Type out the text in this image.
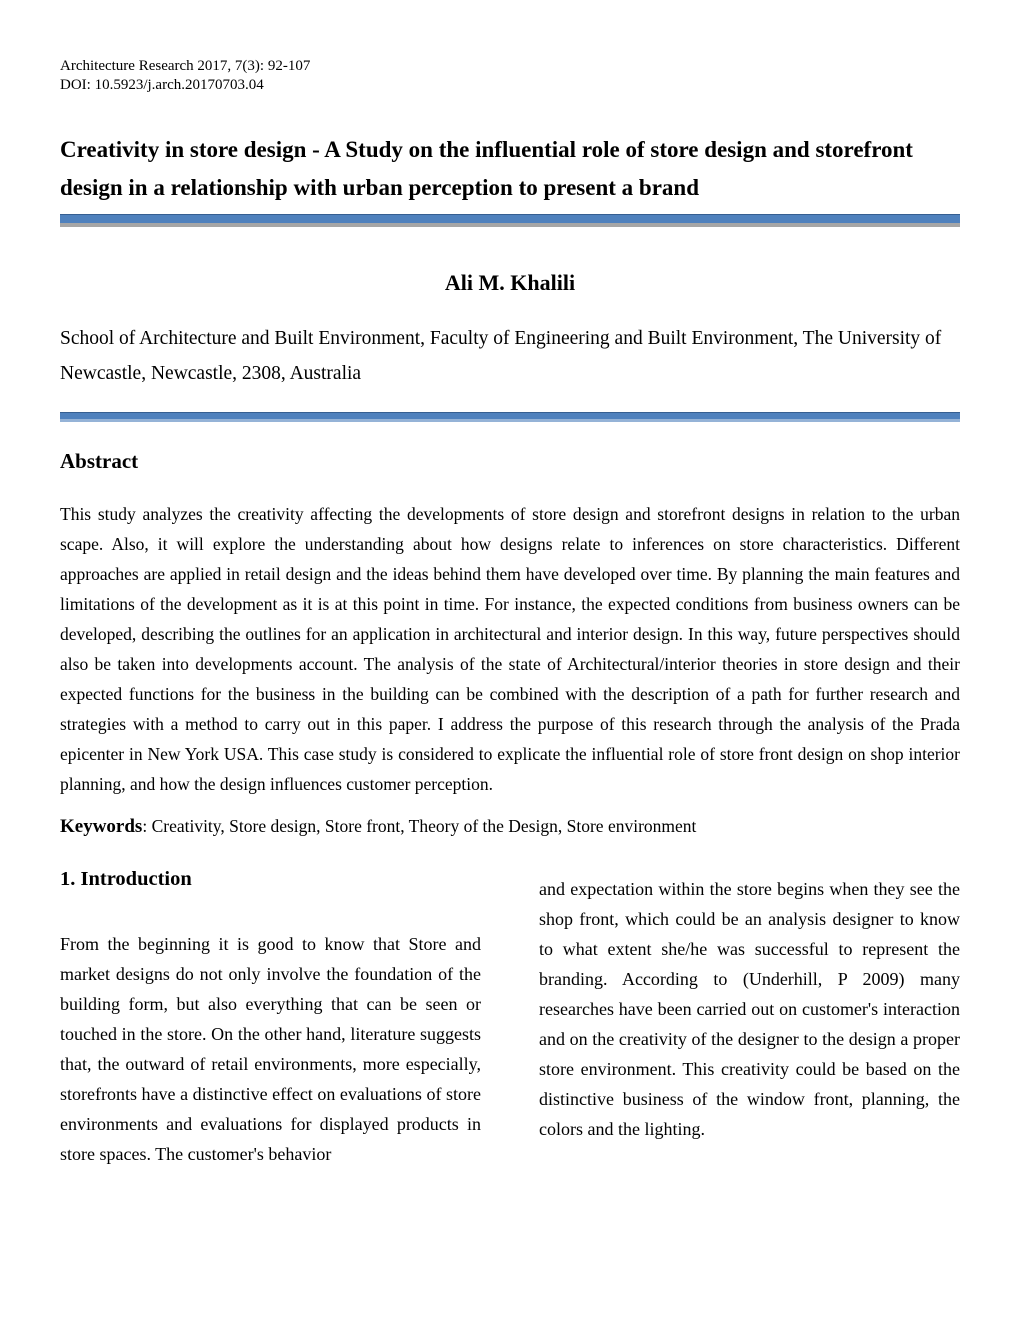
Architecture Research 2017, 7(3): 92-107
DOI: 10.5923/j.arch.20170703.04
Creativity in store design - A Study on the influential role of store design and storefront design in a relationship with urban perception to present a brand
Ali M. Khalili
School of Architecture and Built Environment, Faculty of Engineering and Built Environment, The University of Newcastle, Newcastle, 2308, Australia
Abstract

This study analyzes the creativity affecting the developments of store design and storefront designs in relation to the urban scape. Also, it will explore the understanding about how designs relate to inferences on store characteristics. Different approaches are applied in retail design and the ideas behind them have developed over time. By planning the main features and limitations of the development as it is at this point in time. For instance, the expected conditions from business owners can be developed, describing the outlines for an application in architectural and interior design. In this way, future perspectives should also be taken into developments account. The analysis of the state of Architectural/interior theories in store design and their expected functions for the business in the building can be combined with the description of a path for further research and strategies with a method to carry out in this paper. I address the purpose of this research through the analysis of the Prada epicenter in New York USA. This case study is considered to explicate the influential role of store front design on shop interior planning, and how the design influences customer perception.

Keywords: Creativity, Store design, Store front, Theory of the Design, Store environment

1. Introduction

From the beginning it is good to know that Store and market designs do not only involve the foundation of the building form, but also everything that can be seen or touched in the store. On the other hand, literature suggests that, the outward of retail environments, more especially, storefronts have a distinctive effect on evaluations of store environments and evaluations for displayed products in store spaces. The customer's behavior

and expectation within the store begins when they see the shop front, which could be an analysis designer to know to what extent she/he was successful to represent the branding. According to (Underhill, P 2009) many researches have been carried out on customer's interaction and on the creativity of the designer to the design a proper store environment. This creativity could be based on the distinctive business of the window front, planning, the colors and the lighting.
